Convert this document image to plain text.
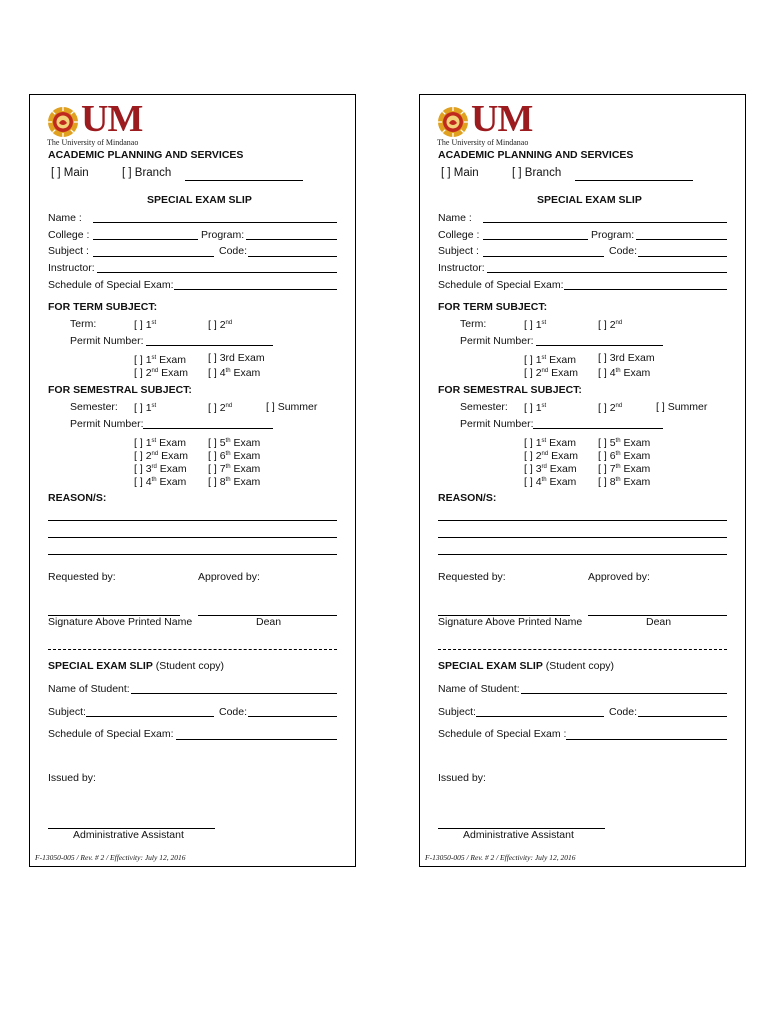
UM
The University of Mindanao
ACADEMIC PLANNING AND SERVICES
[ ] Main	[ ] Branch
SPECIAL EXAM SLIP
Name :
College :	Program:
Subject :	Code:
Instructor:
Schedule of Special Exam:
FOR TERM SUBJECT:
Term:	[ ] 1st	[ ] 2nd
Permit Number:
[ ] 1st Exam [ ] 3rd Exam
[ ] 2nd Exam [ ] 4th Exam
FOR SEMESTRAL SUBJECT:
Semester: [ ] 1st	[ ] 2nd	[ ] Summer
Permit Number:
[ ] 1st Exam [ ] 5th Exam
[ ] 2nd Exam [ ] 6th Exam
[ ] 3rd Exam [ ] 7th Exam
[ ] 4th Exam [ ] 8th Exam
REASON/S:
Requested by:	Approved by:
Signature Above Printed Name	Dean
SPECIAL EXAM SLIP (Student copy)
Name of Student:
Subject:	Code:
Schedule of Special Exam:
Issued by:
Administrative Assistant
F-13050-005 / Rev. # 2 / Effectivity: July 12, 2016
UM
The University of Mindanao
ACADEMIC PLANNING AND SERVICES
[ ] Main	[ ] Branch
SPECIAL EXAM SLIP
Name :
College :	Program:
Subject :	Code:
Instructor:
Schedule of Special Exam:
FOR TERM SUBJECT:
Term:	[ ] 1st	[ ] 2nd
Permit Number:
[ ] 1st Exam [ ] 3rd Exam
[ ] 2nd Exam [ ] 4th Exam
FOR SEMESTRAL SUBJECT:
Semester: [ ] 1st	[ ] 2nd	[ ] Summer
Permit Number:
[ ] 1st Exam [ ] 5th Exam
[ ] 2nd Exam [ ] 6th Exam
[ ] 3rd Exam [ ] 7th Exam
[ ] 4th Exam [ ] 8th Exam
REASON/S:
Requested by:	Approved by:
Signature Above Printed Name	Dean
SPECIAL EXAM SLIP (Student copy)
Name of Student:
Subject:	Code:
Schedule of Special Exam :
Issued by:
Administrative Assistant
F-13050-005 / Rev. # 2 / Effectivity: July 12, 2016
